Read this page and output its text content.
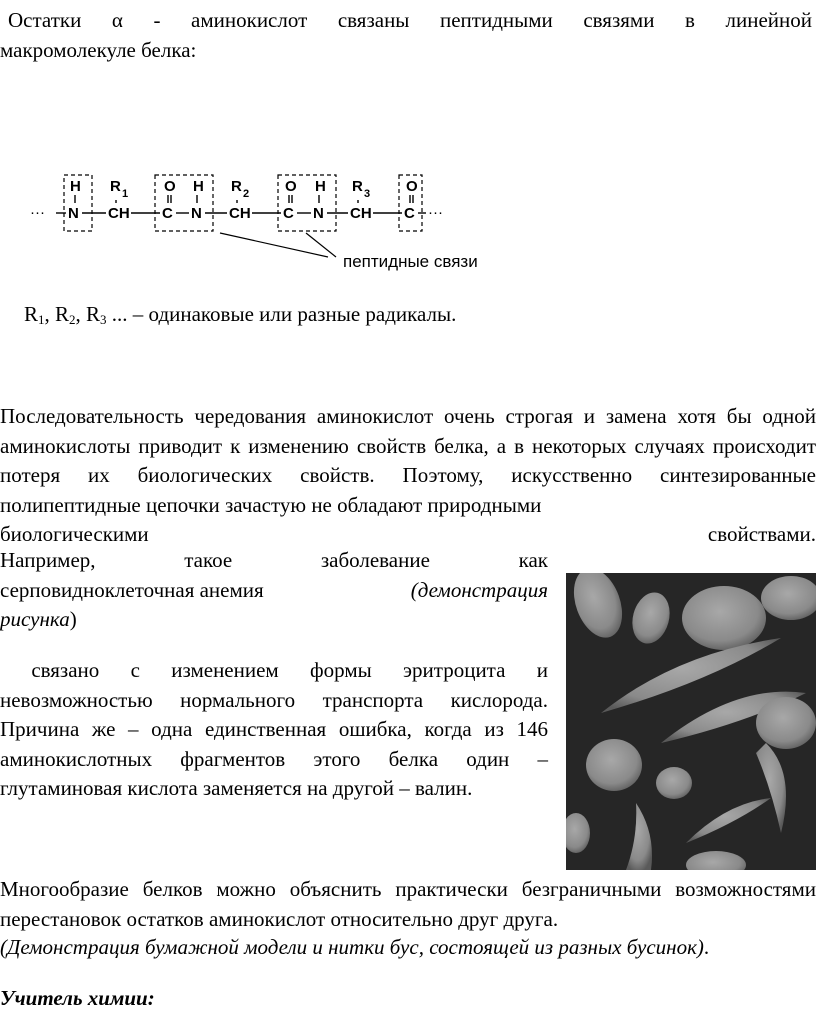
Остатки α - аминокислот связаны пептидными связями в линейной
макромолекуле белка:
···
H R 1 O H R 2 O H R 3 O
N CH C N CH C N CH C ···
пептидные связи
$R_1$, $R_2$, $R_3$ ... – одинаковые или разные радикалы.
Последовательность чередования аминокислот очень строгая и замена хотя бы одной аминокислоты приводит к изменению свойств белка, а в некоторых случаях происходит потеря их биологических свойств. Поэтому, искусственно синтезированные полипептидные цепочки зачастую не обладают природными
биологическими свойствами.
Например, такое заболевание как
серповидноклеточная анемия	(демонстрация
рисунка)
связано с изменением формы эритроцита и невозможностью нормального транспорта кислорода. Причина же – одна единственная ошибка, когда из 146 аминокислотных фрагментов этого белка один – глутаминовая кислота заменяется на другой – валин.
Многообразие белков можно объяснить практически безграничными возможностями перестановок остатков аминокислот относительно друг друга.
(Демонстрация бумажной модели и нитки бус, состоящей из разных бусинок).
Учитель химии:
